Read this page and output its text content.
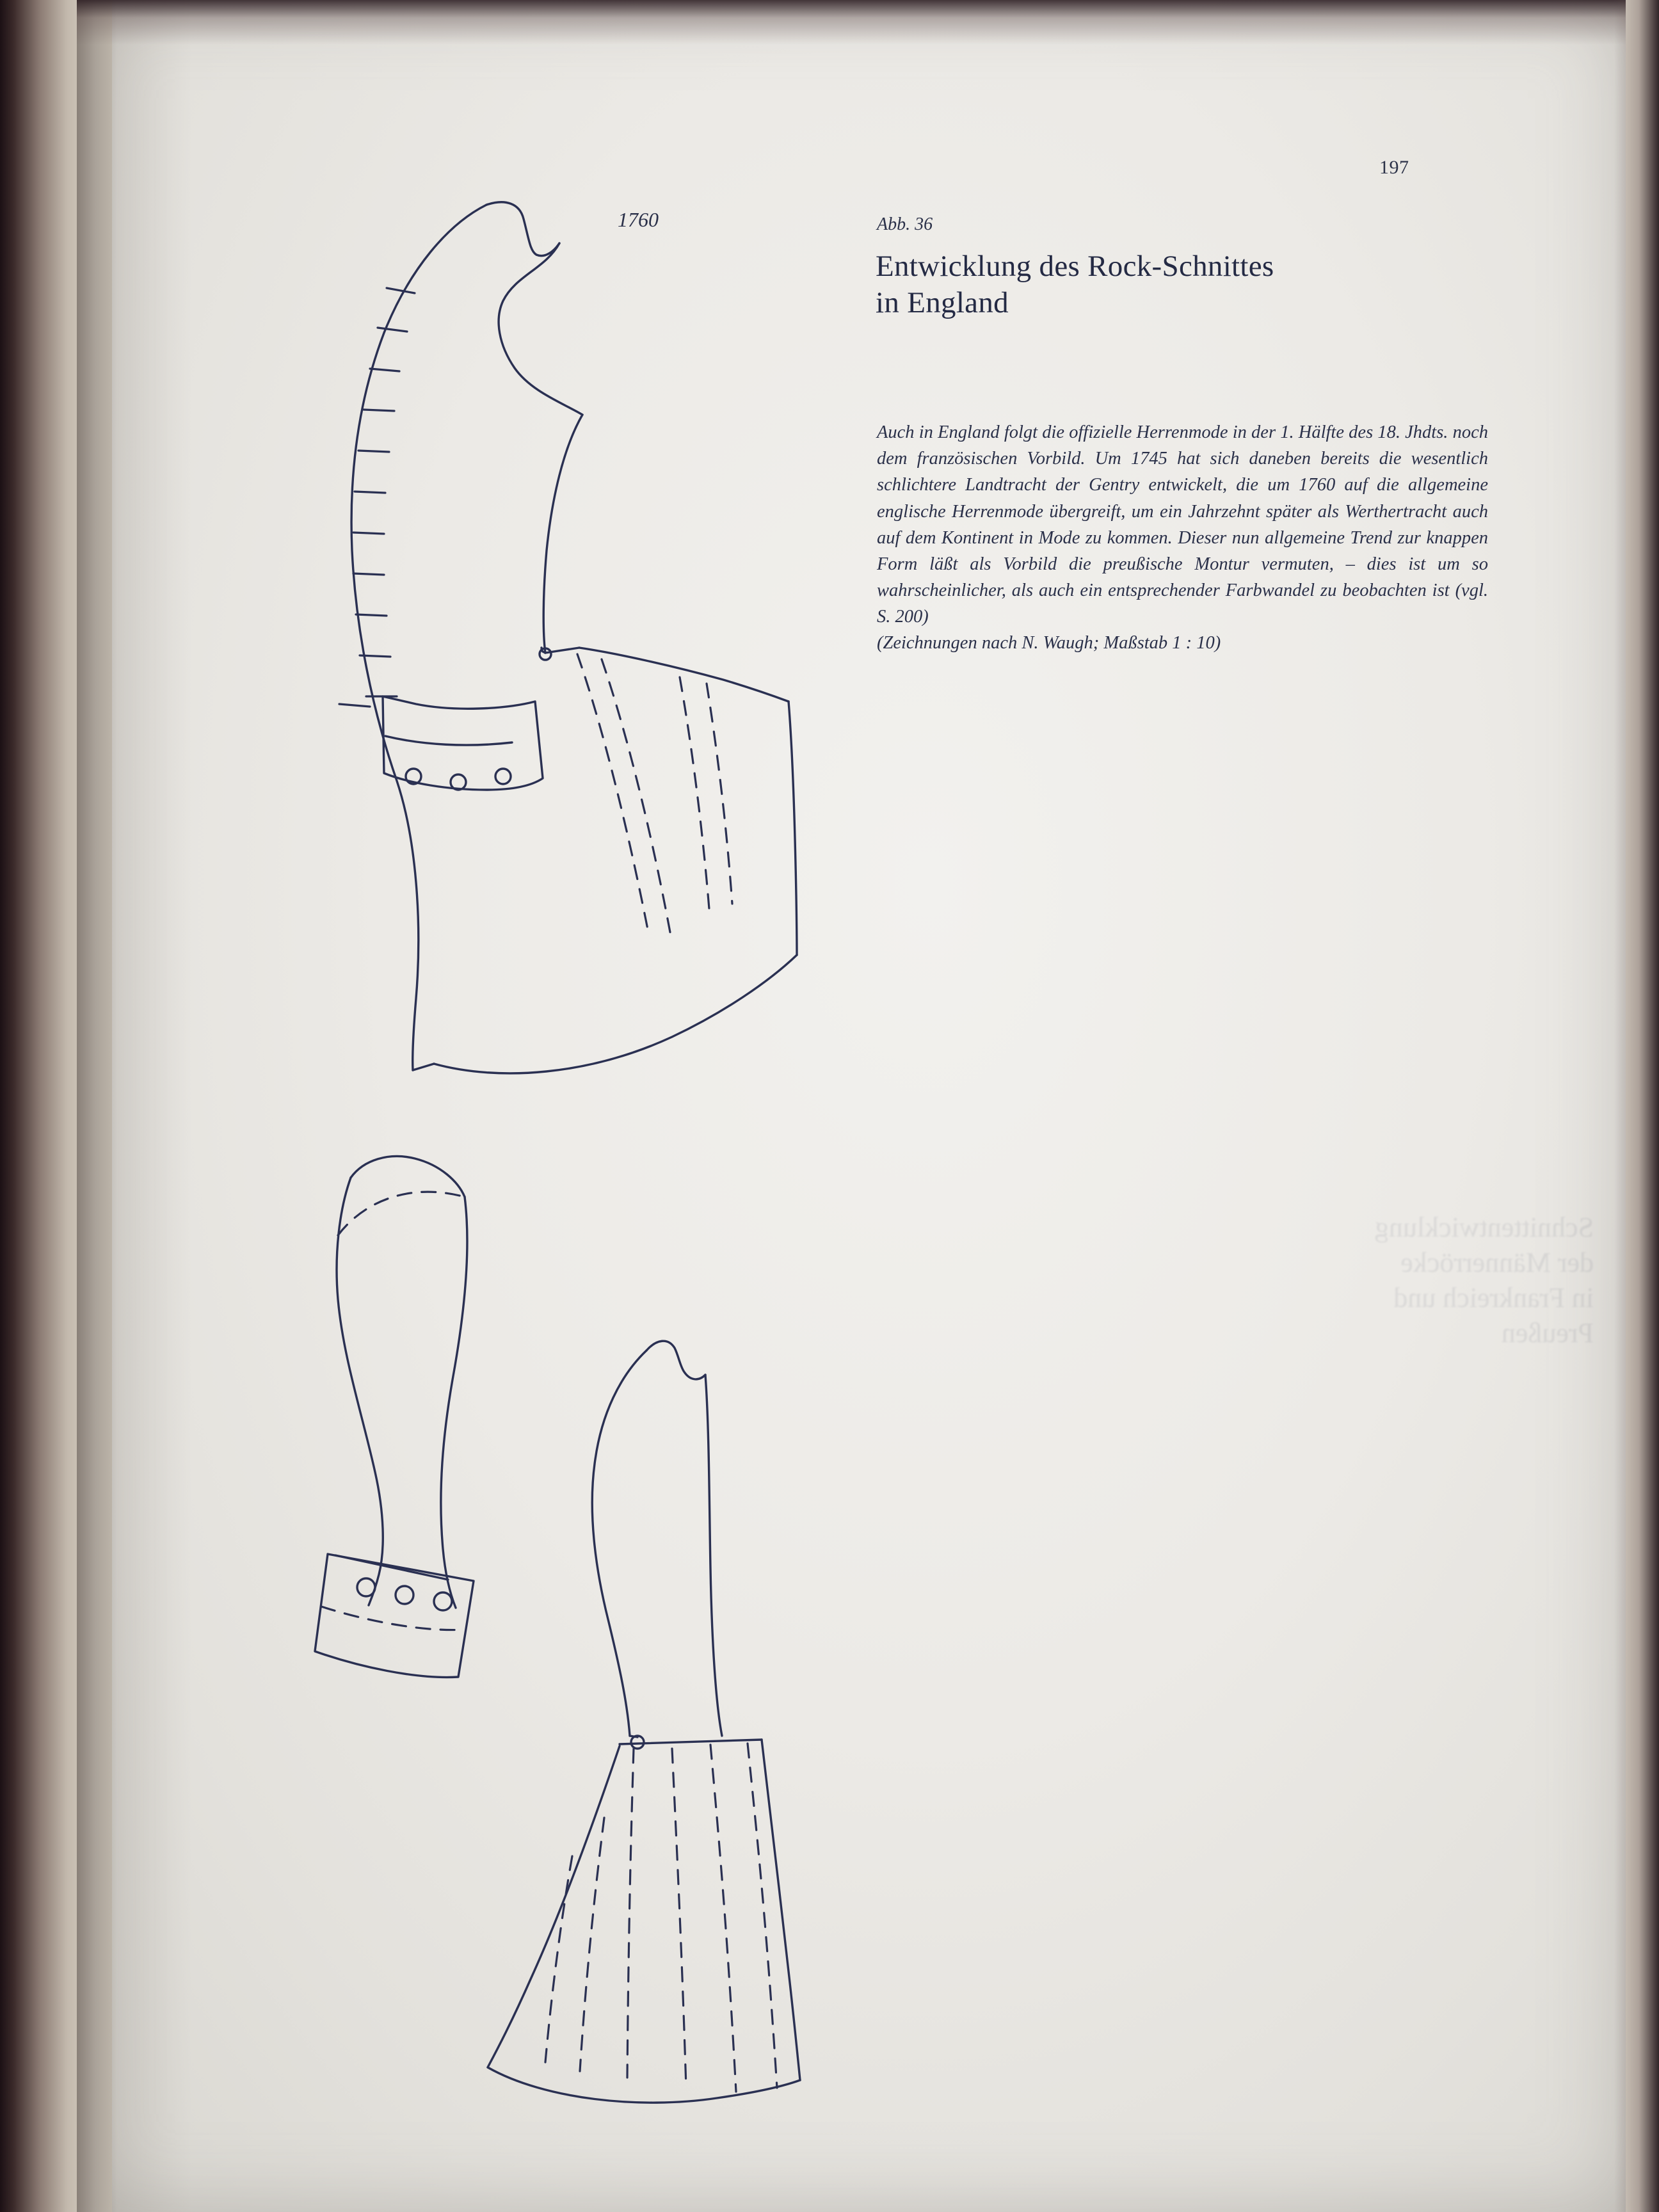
197
Abb. 36
Entwicklung des Rock-Schnittes
in England

Auch in England folgt die offizielle Herrenmode in der 1. Hälfte des 18. Jhdts. noch dem französischen Vorbild. Um 1745 hat sich daneben bereits die wesentlich schlichtere Landtracht der Gentry entwickelt, die um 1760 auf die allgemeine englische Herrenmode übergreift, um ein Jahrzehnt später als Werthertracht auch auf dem Kontinent in Mode zu kommen. Dieser nun allgemeine Trend zur knappen Form läßt als Vorbild die preußische Montur vermuten, – dies ist um so wahrscheinlicher, als auch ein entsprechender Farbwandel zu beobachten ist (vgl. S. 200)

(Zeichnungen nach N. Waugh; Maßstab 1 : 10)

1760
